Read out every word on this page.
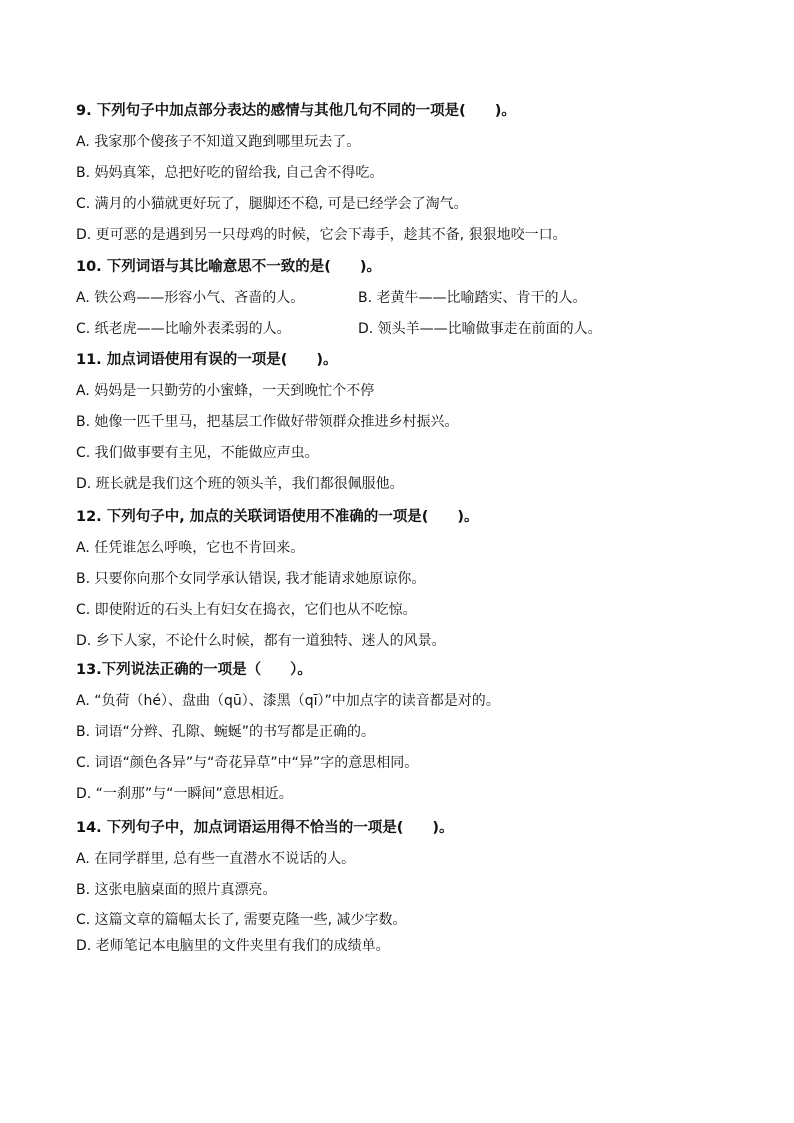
9. 下列句子中加点部分表达的感情与其他几句不同的一项是(　　)。
A. 我家那个傻孩子不知道又跑到哪里玩去了。
B. 妈妈真笨，总把好吃的留给我, 自己舍不得吃。
C. 满月的小猫就更好玩了，腿脚还不稳, 可是已经学会了淘气。
D. 更可恶的是遇到另一只母鸡的时候，它会下毒手，趁其不备, 狠狠地咬一口。
10. 下列词语与其比喻意思不一致的是(　　)。
A. 铁公鸡——形容小气、吝啬的人。	B. 老黄牛——比喻踏实、肯干的人。
C. 纸老虎——比喻外表柔弱的人。	D. 领头羊——比喻做事走在前面的人。
11. 加点词语使用有误的一项是(　　)。
A. 妈妈是一只勤劳的小蜜蜂，一天到晚忙个不停
B. 她像一匹千里马，把基层工作做好带领群众推进乡村振兴。
C. 我们做事要有主见，不能做应声虫。
D. 班长就是我们这个班的领头羊，我们都很佩服他。
12. 下列句子中, 加点的关联词语使用不准确的一项是(　　)。
A. 任凭谁怎么呼唤，它也不肯回来。
B. 只要你向那个女同学承认错误, 我才能请求她原谅你。
C. 即使附近的石头上有妇女在捣衣，它们也从不吃惊。
D. 乡下人家，不论什么时候，都有一道独特、迷人的风景。
13.下列说法正确的一项是（　　）。
A. “负荷（hé）、盘曲（qū）、漆黑（qī）”中加点字的读音都是对的。
B. 词语“分辫、孔隙、蜿蜒”的书写都是正确的。
C. 词语“颜色各异”与“奇花异草”中“异”字的意思相同。
D. “一刹那”与“一瞬间”意思相近。
14. 下列句子中，加点词语运用得不恰当的一项是(　　)。
A. 在同学群里, 总有些一直潜水不说话的人。
B. 这张电脑桌面的照片真漂亮。
C. 这篇文章的篇幅太长了, 需要克隆一些, 减少字数。
D. 老师笔记本电脑里的文件夹里有我们的成绩单。
